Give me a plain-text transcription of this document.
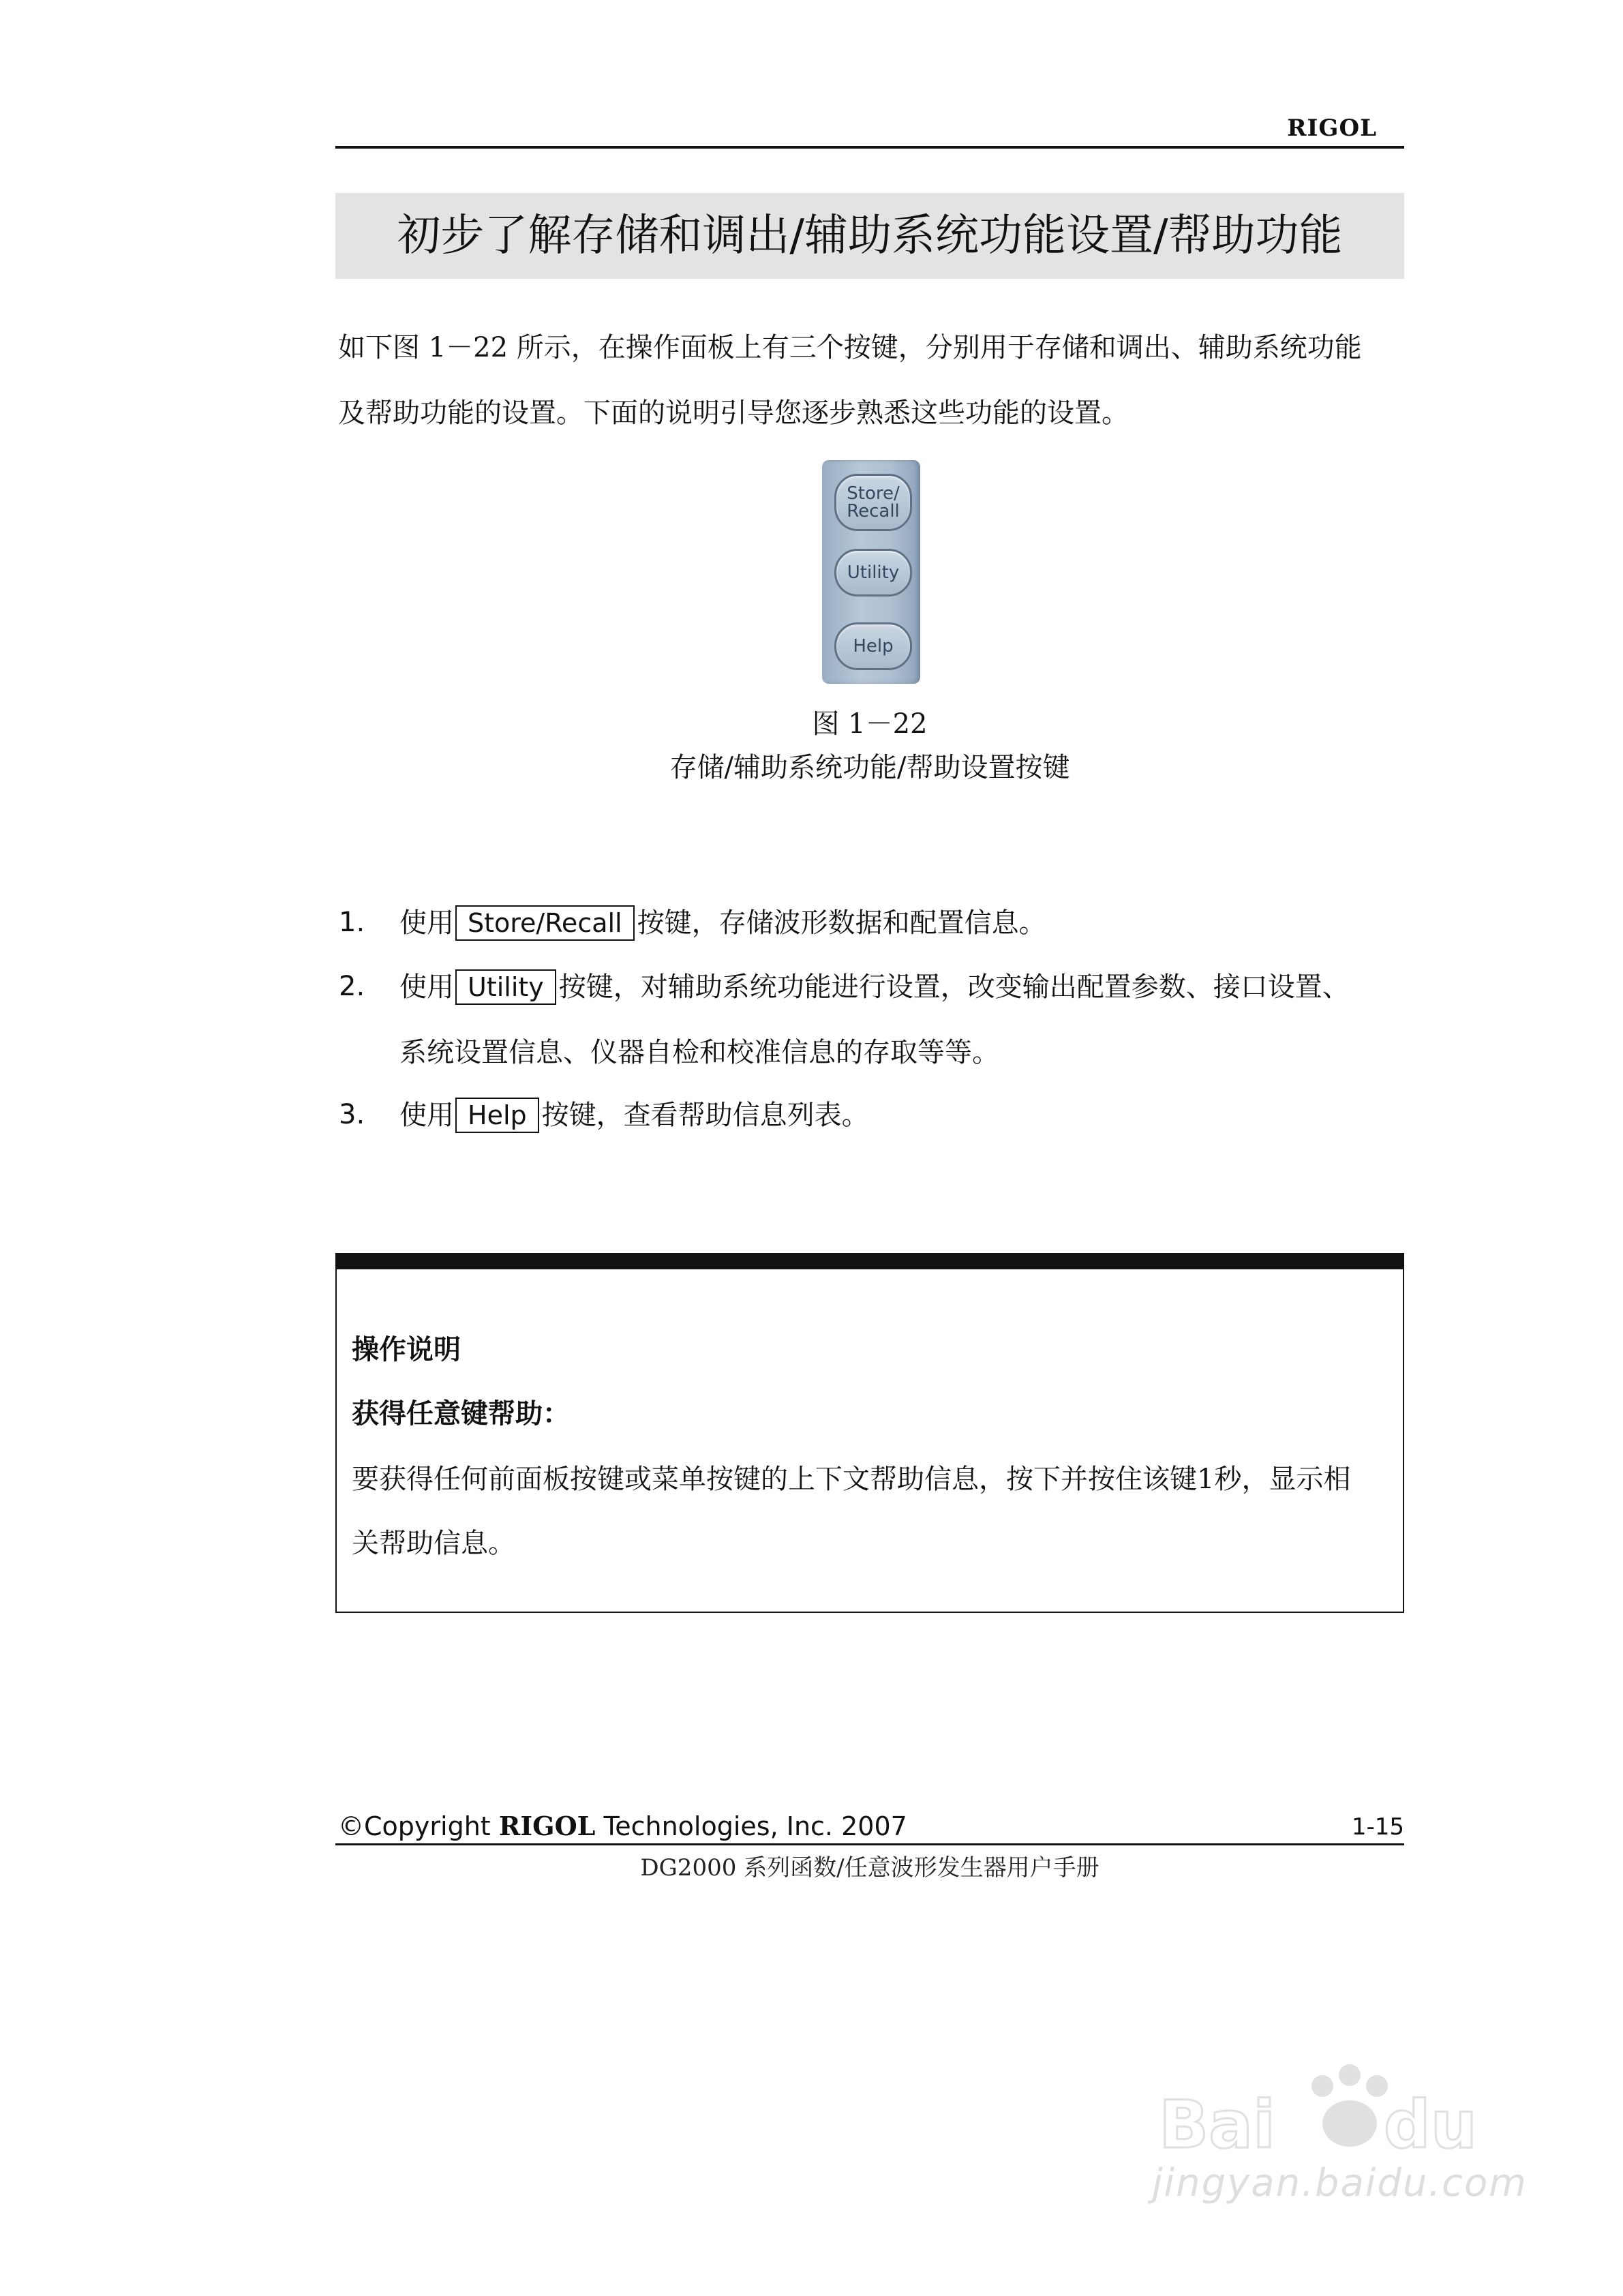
RIGOL
初步了解存储和调出/辅助系统功能设置/帮助功能
如下图 1－22 所示，在操作面板上有三个按键，分别用于存储和调出、辅助系统功能
及帮助功能的设置。下面的说明引导您逐步熟悉这些功能的设置。
Store/
Recall
Utility
Help
图 1－22
存储/辅助系统功能/帮助设置按键
1. 使用 Store/Recall 按键，存储波形数据和配置信息。
2. 使用 Utility 按键，对辅助系统功能进行设置，改变输出配置参数、接口设置、
系统设置信息、仪器自检和校准信息的存取等等。
3. 使用 Help 按键，查看帮助信息列表。
操作说明
获得任意键帮助：
要获得任何前面板按键或菜单按键的上下文帮助信息，按下并按住该键1秒，显示相
关帮助信息。
©Copyright RIGOL Technologies, Inc. 2007	1-15
DG2000 系列函数/任意波形发生器用户手册
Bai du
jingyan.baidu.com
